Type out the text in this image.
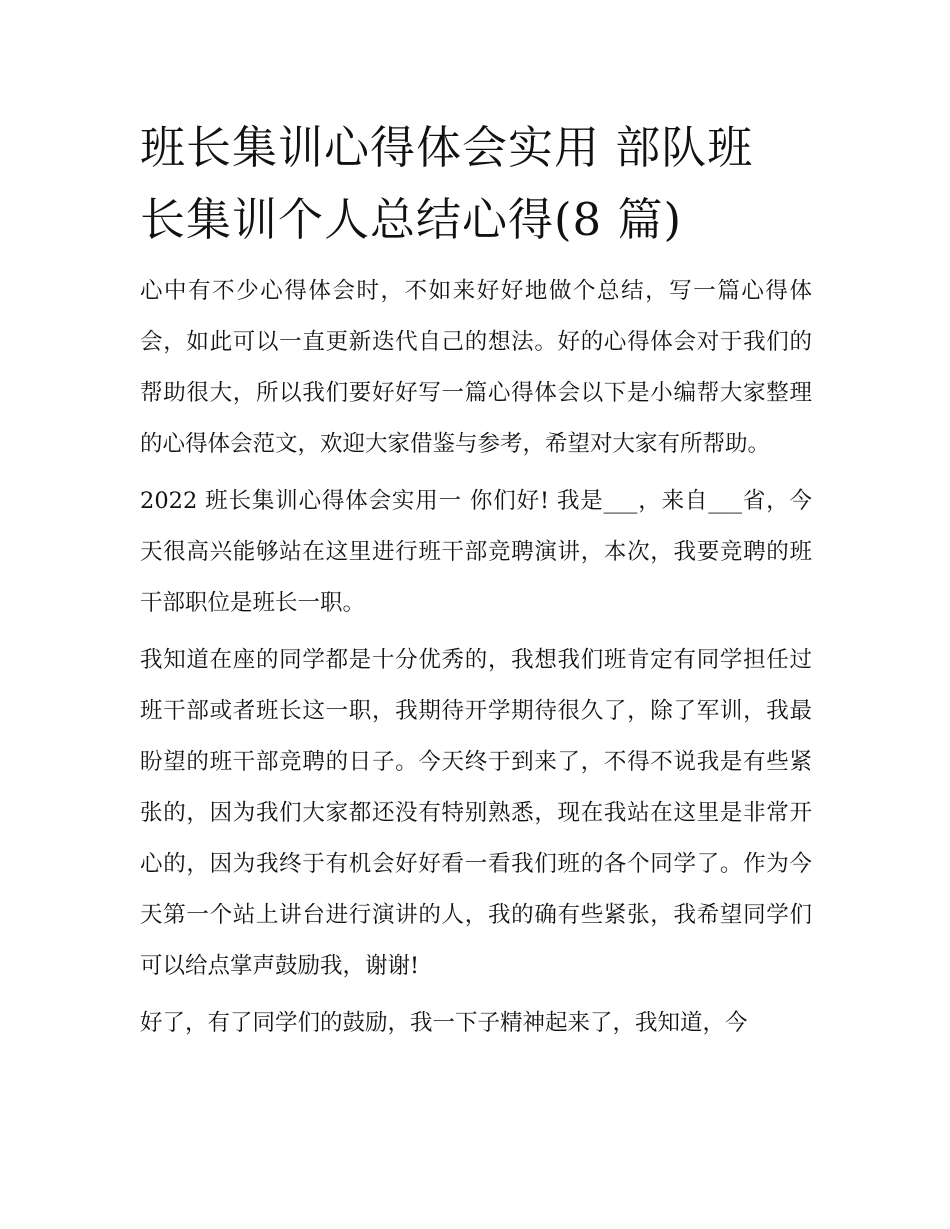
班长集训心得体会实用 部队班
长集训个人总结心得(8 篇)

心中有不少心得体会时，不如来好好地做个总结，写一篇心得体会，如此可以一直更新迭代自己的想法。好的心得体会对于我们的帮助很大，所以我们要好好写一篇心得体会以下是小编帮大家整理的心得体会范文，欢迎大家借鉴与参考，希望对大家有所帮助。

2022 班长集训心得体会实用一 你们好! 我是___，来自___省，今天很高兴能够站在这里进行班干部竞聘演讲，本次，我要竞聘的班干部职位是班长一职。

我知道在座的同学都是十分优秀的，我想我们班肯定有同学担任过班干部或者班长这一职，我期待开学期待很久了，除了军训，我最盼望的班干部竞聘的日子。今天终于到来了，不得不说我是有些紧张的，因为我们大家都还没有特别熟悉，现在我站在这里是非常开心的，因为我终于有机会好好看一看我们班的各个同学了。作为今天第一个站上讲台进行演讲的人，我的确有些紧张，我希望同学们可以给点掌声鼓励我，谢谢!

好了，有了同学们的鼓励，我一下子精神起来了，我知道，今
